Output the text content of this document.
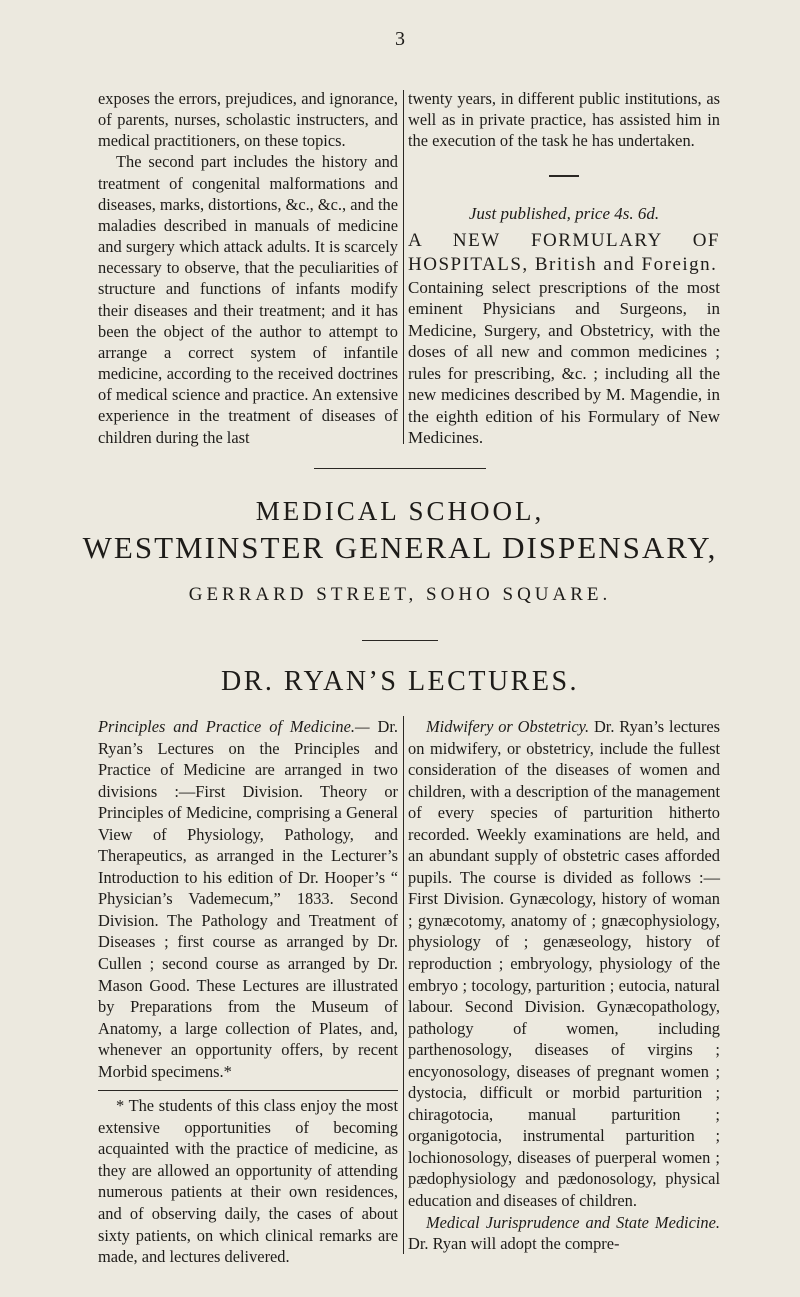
3

exposes the errors, prejudices, and ignorance, of parents, nurses, scholastic instructers, and medical practitioners, on these topics.

The second part includes the history and treatment of congenital malformations and diseases, marks, distortions, &c., &c., and the maladies described in manuals of medicine and surgery which attack adults. It is scarcely necessary to observe, that the peculiarities of structure and functions of infants modify their diseases and their treatment; and it has been the object of the author to attempt to arrange a correct system of infantile medicine, according to the received doctrines of medical science and practice. An extensive experience in the treatment of diseases of children during the last

twenty years, in different public institutions, as well as in private practice, has assisted him in the execution of the task he has undertaken.

Just published, price 4s. 6d.

A NEW FORMULARY OF HOSPITALS, British and Foreign.

Containing select prescriptions of the most eminent Physicians and Surgeons, in Medicine, Surgery, and Obstetricy, with the doses of all new and common medicines ; rules for prescribing, &c. ; including all the new medicines described by M. Magendie, in the eighth edition of his Formulary of New Medicines.

MEDICAL SCHOOL,
WESTMINSTER GENERAL DISPENSARY,
GERRARD STREET, SOHO SQUARE.
DR. RYAN’S LECTURES.

Principles and Practice of Medicine.— Dr. Ryan’s Lectures on the Principles and Practice of Medicine are arranged in two divisions :—First Division. Theory or Principles of Medicine, comprising a General View of Physiology, Pathology, and Therapeutics, as arranged in the Lecturer’s Introduction to his edition of Dr. Hooper’s “ Physician’s Vademecum,” 1833. Second Division. The Pathology and Treatment of Diseases ; first course as arranged by Dr. Cullen ; second course as arranged by Dr. Mason Good. These Lectures are illustrated by Preparations from the Museum of Anatomy, a large collection of Plates, and, whenever an opportunity offers, by recent Morbid specimens.*

* The students of this class enjoy the most extensive opportunities of becoming acquainted with the practice of medicine, as they are allowed an opportunity of attending numerous patients at their own residences, and of observing daily, the cases of about sixty patients, on which clinical remarks are made, and lectures delivered.

Midwifery or Obstetricy. Dr. Ryan’s lectures on midwifery, or obstetricy, include the fullest consideration of the diseases of women and children, with a description of the management of every species of parturition hitherto recorded. Weekly examinations are held, and an abundant supply of obstetric cases afforded pupils. The course is divided as follows :—First Division. Gynæcology, history of woman ; gynæcotomy, anatomy of ; gnæcophysiology, physiology of ; genæseology, history of reproduction ; embryology, physiology of the embryo ; tocology, parturition ; eutocia, natural labour. Second Division. Gynæcopathology, pathology of women, including parthenosology, diseases of virgins ; encyonosology, diseases of pregnant women ; dystocia, difficult or morbid parturition ; chiragotocia, manual parturition ; organigotocia, instrumental parturition ; lochionosology, diseases of puerperal women ; pædophysiology and pædonosology, physical education and diseases of children.

Medical Jurisprudence and State Medicine. Dr. Ryan will adopt the compre-
